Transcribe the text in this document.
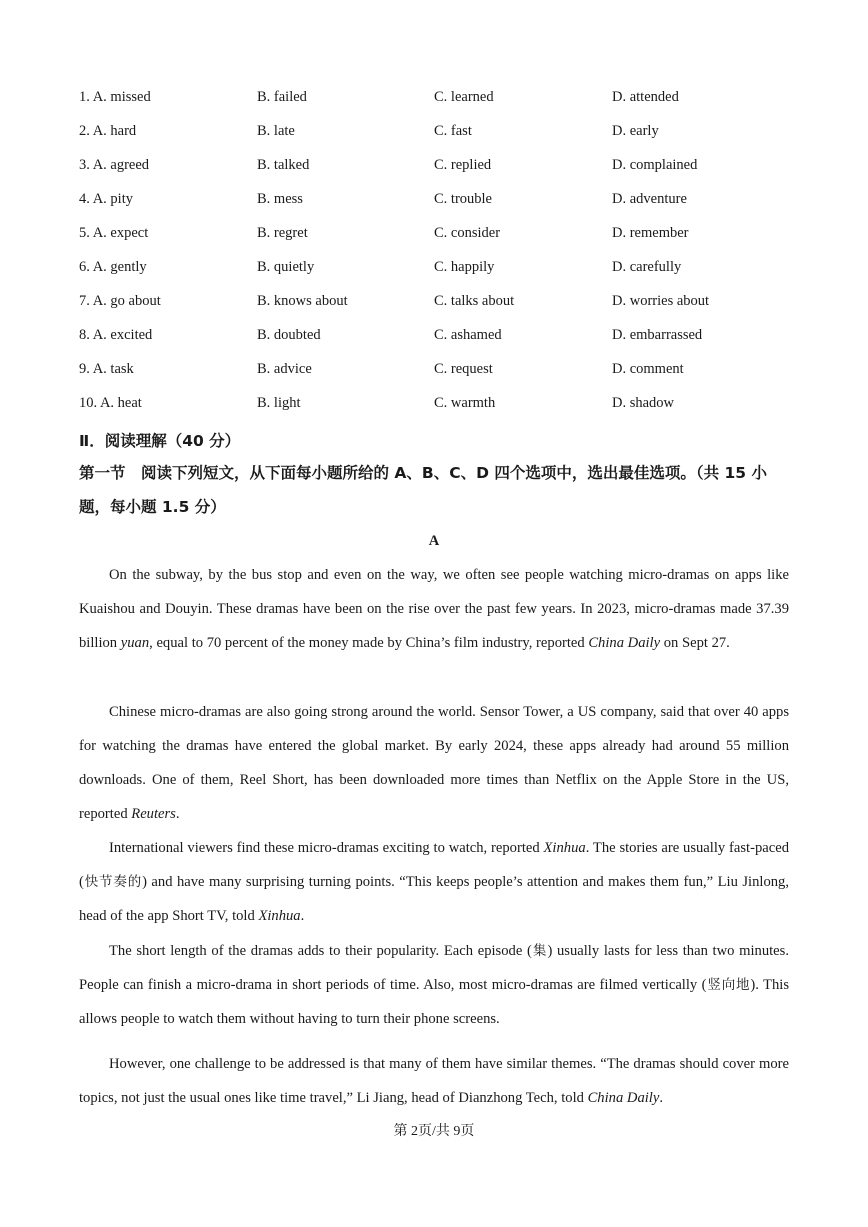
1. A. missed	B. failed	C. learned	D. attended
2. A. hard	B. late	C. fast	D. early
3. A. agreed	B. talked	C. replied	D. complained
4. A. pity	B. mess	C. trouble	D. adventure
5. A. expect	B. regret	C. consider	D. remember
6. A. gently	B. quietly	C. happily	D. carefully
7. A. go about	B. knows about	C. talks about	D. worries about
8. A. excited	B. doubted	C. ashamed	D. embarrassed
9. A. task	B. advice	C. request	D. comment
10. A. heat	B. light	C. warmth	D. shadow
Ⅱ．阅读理解（40 分）
第一节　阅读下列短文，从下面每小题所给的 A、B、C、D 四个选项中，选出最佳选项。（共 15 小题，每小题 1.5 分）
A

On the subway, by the bus stop and even on the way, we often see people watching micro-dramas on apps like Kuaishou and Douyin. These dramas have been on the rise over the past few years. In 2023, micro-dramas made 37.39 billion yuan, equal to 70 percent of the money made by China’s film industry, reported China Daily on Sept 27.

Chinese micro-dramas are also going strong around the world. Sensor Tower, a US company, said that over 40 apps for watching the dramas have entered the global market. By early 2024, these apps already had around 55 million downloads. One of them, Reel Short, has been downloaded more times than Netflix on the Apple Store in the US, reported Reuters.

International viewers find these micro-dramas exciting to watch, reported Xinhua. The stories are usually fast-paced (快节奏的) and have many surprising turning points. “This keeps people’s attention and makes them fun,” Liu Jinlong, head of the app Short TV, told Xinhua.

The short length of the dramas adds to their popularity. Each episode (集) usually lasts for less than two minutes. People can finish a micro-drama in short periods of time. Also, most micro-dramas are filmed vertically (竖向地). This allows people to watch them without having to turn their phone screens.

However, one challenge to be addressed is that many of them have similar themes. “The dramas should cover more topics, not just the usual ones like time travel,” Li Jiang, head of Dianzhong Tech, told China Daily.

第 2页/共 9页
